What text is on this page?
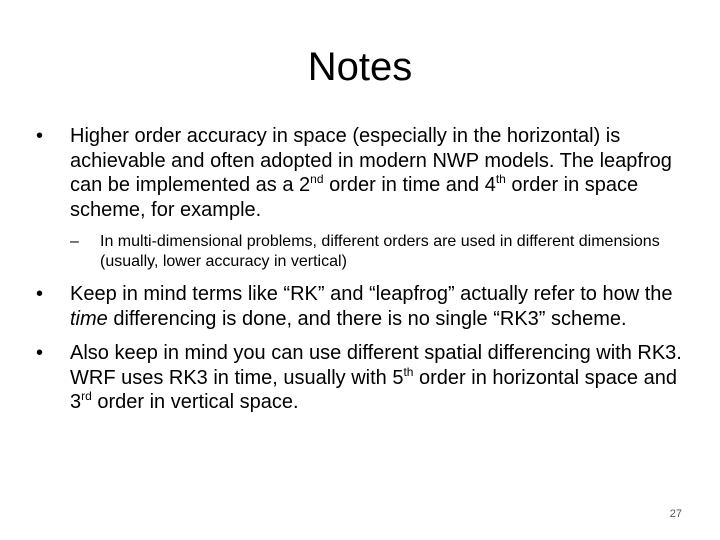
Notes
•	Higher order accuracy in space (especially in the horizontal) is achievable and often adopted in modern NWP models. The leapfrog can be implemented as a 2nd order in time and 4th order in space scheme, for example.
–	In multi-dimensional problems, different orders are used in different dimensions (usually, lower accuracy in vertical)
•	Keep in mind terms like “RK” and “leapfrog” actually refer to how the time differencing is done, and there is no single “RK3” scheme.
•	Also keep in mind you can use different spatial differencing with RK3. WRF uses RK3 in time, usually with 5th order in horizontal space and 3rd order in vertical space.
27
